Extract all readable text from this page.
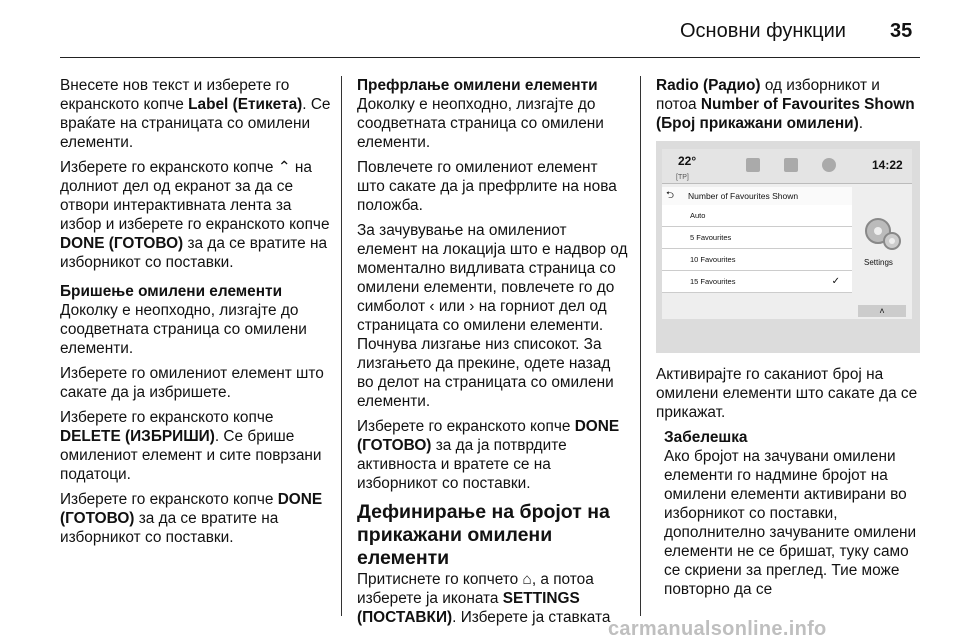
Основни функции 35

Внесете нов текст и изберете го екранското копче Label (Етикета). Се враќате на страницата со омилени елементи.

Изберете го екранското копче ⌃ на долниот дел од екранот за да се отвори интерактивната лента за избор и изберете го екранското копче DONE (ГОТОВО) за да се вратите на изборникот со поставки.

Бришење омилени елементи

Доколку е неопходно, лизгајте до соодветната страница со омилени елементи.

Изберете го омилениот елемент што сакате да ја избришете.

Изберете го екранското копче DELETE (ИЗБРИШИ). Се брише омилениот елемент и сите поврзани податоци.

Изберете го екранското копче DONE (ГОТОВО) за да се вратите на изборникот со поставки.

Префрлање омилени елементи

Доколку е неопходно, лизгајте до соодветната страница со омилени елементи.

Повлечете го омилениот елемент што сакате да ја префрлите на нова положба.

За зачувување на омилениот елемент на локација што е надвор од моментално видливата страница со омилени елементи, повлечете го до симболот ‹ или › на горниот дел од страницата со омилени елементи. Почнува лизгање низ списокот. За лизгањето да прекине, одете назад во делот на страницата со омилени елементи.

Изберете го екранското копче DONE (ГОТОВО) за да ја потврдите активноста и вратете се на изборникот со поставки.

Дефинирање на бројот на прикажани омилени елементи

Притиснете го копчето ⌂, а потоа изберете ја иконата SETTINGS (ПОСТАВКИ). Изберете ја ставката

Radio (Радио) од изборникот и потоа Number of Favourites Shown (Број прикажани омилени).

22°
[TP]
14:22
⮌	Number of Favourites Shown
Auto
5 Favourites
10 Favourites
15 Favourites	✓
Settings
˄

Активирајте го саканиот број на омилени елементи што сакате да се прикажат.

Забелешка
Ако бројот на зачувани омилени елементи го надмине бројот на омилени елементи активирани во изборникот со поставки, дополнително зачуваните омилени елементи не се бришат, туку само се скриени за преглед. Тие може повторно да се
carmanualsonline.info
